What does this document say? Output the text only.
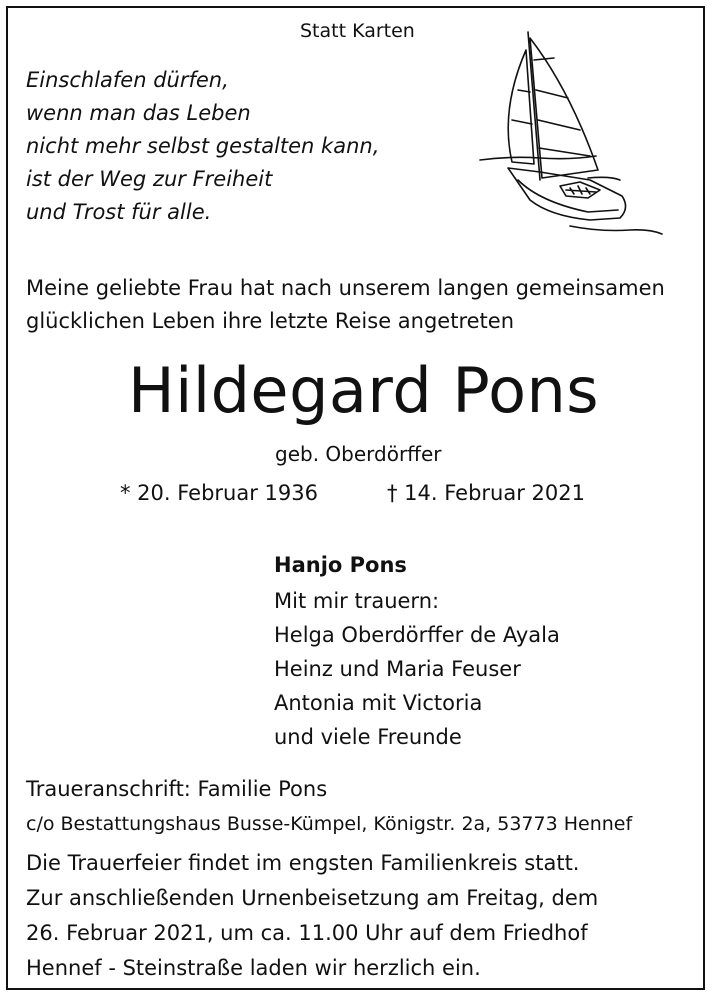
Statt Karten
Einschlafen dürfen,
wenn man das Leben
nicht mehr selbst gestalten kann,
ist der Weg zur Freiheit
und Trost für alle.
Meine geliebte Frau hat nach unserem langen gemeinsamen
glücklichen Leben ihre letzte Reise angetreten
Hildegard Pons
geb. Oberdörffer
* 20. Februar 1936	† 14. Februar 2021
Hanjo Pons
Mit mir trauern:
Helga Oberdörffer de Ayala
Heinz und Maria Feuser
Antonia mit Victoria
und viele Freunde
Traueranschrift: Familie Pons
c/o Bestattungshaus Busse-Kümpel, Königstr. 2a, 53773 Hennef
Die Trauerfeier findet im engsten Familienkreis statt.
Zur anschließenden Urnenbeisetzung am Freitag, dem
26. Februar 2021, um ca. 11.00 Uhr auf dem Friedhof
Hennef - Steinstraße laden wir herzlich ein.
